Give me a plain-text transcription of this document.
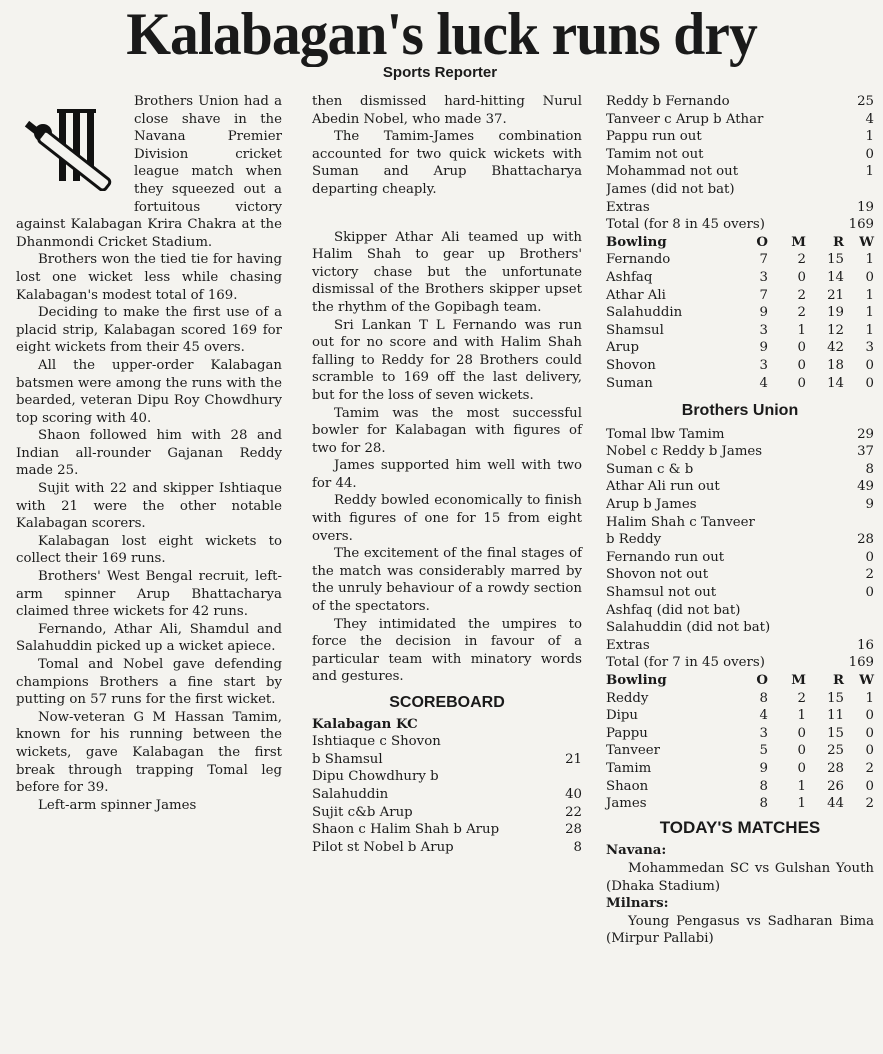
Kalabagan's luck runs dry
Sports Reporter

Brothers Union had a close shave in the Navana Premier Division cricket league match when they squeezed out a fortuitous victory against Kalabagan Krira Chakra at the Dhanmondi Cricket Stadium.

Brothers won the tied tie for having lost one wicket less while chasing Kalabagan's modest total of 169.

Deciding to make the first use of a placid strip, Kalabagan scored 169 for eight wickets from their 45 overs.

All the upper-order Kalabagan batsmen were among the runs with the bearded, veteran Dipu Roy Chowdhury top scoring with 40.

Shaon followed him with 28 and Indian all-rounder Gajanan Reddy made 25.

Sujit with 22 and skipper Ishtiaque with 21 were the other notable Kalabagan scorers.

Kalabagan lost eight wickets to collect their 169 runs.

Brothers' West Bengal recruit, left-arm spinner Arup Bhattacharya claimed three wickets for 42 runs.

Fernando, Athar Ali, Shamdul and Salahuddin picked up a wicket apiece.

Tomal and Nobel gave defending champions Brothers a fine start by putting on 57 runs for the first wicket.

Now-veteran G M Hassan Tamim, known for his running between the wickets, gave Kalabagan the first break through trapping Tomal leg before for 39.

Left-arm spinner James

then dismissed hard-hitting Nurul Abedin Nobel, who made 37.

The Tamim-James combination accounted for two quick wickets with Suman and Arup Bhattacharya departing cheaply.

Skipper Athar Ali teamed up with Halim Shah to gear up Brothers' victory chase but the unfortunate dismissal of the Brothers skipper upset the rhythm of the Gopibagh team.

Sri Lankan T L Fernando was run out for no score and with Halim Shah falling to Reddy for 28 Brothers could scramble to 169 off the last delivery, but for the loss of seven wickets.

Tamim was the most successful bowler for Kalabagan with figures of two for 28.

James supported him well with two for 44.

Reddy bowled economically to finish with figures of one for 15 from eight overs.

The excitement of the final stages of the match was considerably marred by the unruly behaviour of a rowdy section of the spectators.

They intimidated the umpires to force the decision in favour of a particular team with minatory words and gestures.

SCOREBOARD
Kalabagan KC
Ishtiaque c Shovon
b Shamsul	21
Dipu Chowdhury b
Salahuddin	40
Sujit c&b Arup	22
Shaon c Halim Shah b Arup	28
Pilot st Nobel b Arup	8
Reddy b Fernando	25
Tanveer c Arup b Athar	4
Pappu run out	1
Tamim not out	0
Mohammad not out	1
James (did not bat)
Extras	19
Total (for 8 in 45 overs)	169
Bowling	O	M	R	W
Fernando	7	2	15	1
Ashfaq	3	0	14	0
Athar Ali	7	2	21	1
Salahuddin	9	2	19	1
Shamsul	3	1	12	1
Arup	9	0	42	3
Shovon	3	0	18	0
Suman	4	0	14	0
Brothers Union
Tomal lbw Tamim	29
Nobel c Reddy b James	37
Suman c & b	8
Athar Ali run out	49
Arup b James	9
Halim Shah c Tanveer
b Reddy	28
Fernando run out	0
Shovon not out	2
Shamsul not out	0
Ashfaq (did not bat)
Salahuddin (did not bat)
Extras	16
Total (for 7 in 45 overs)	169
Bowling	O	M	R	W
Reddy	8	2	15	1
Dipu	4	1	11	0
Pappu	3	0	15	0
Tanveer	5	0	25	0
Tamim	9	0	28	2
Shaon	8	1	26	0
James	8	1	44	2
TODAY'S MATCHES
Navana:
Mohammedan SC vs Gulshan Youth (Dhaka Stadium)
Milnars:
Young Pengasus vs Sadharan Bima (Mirpur Pallabi)
